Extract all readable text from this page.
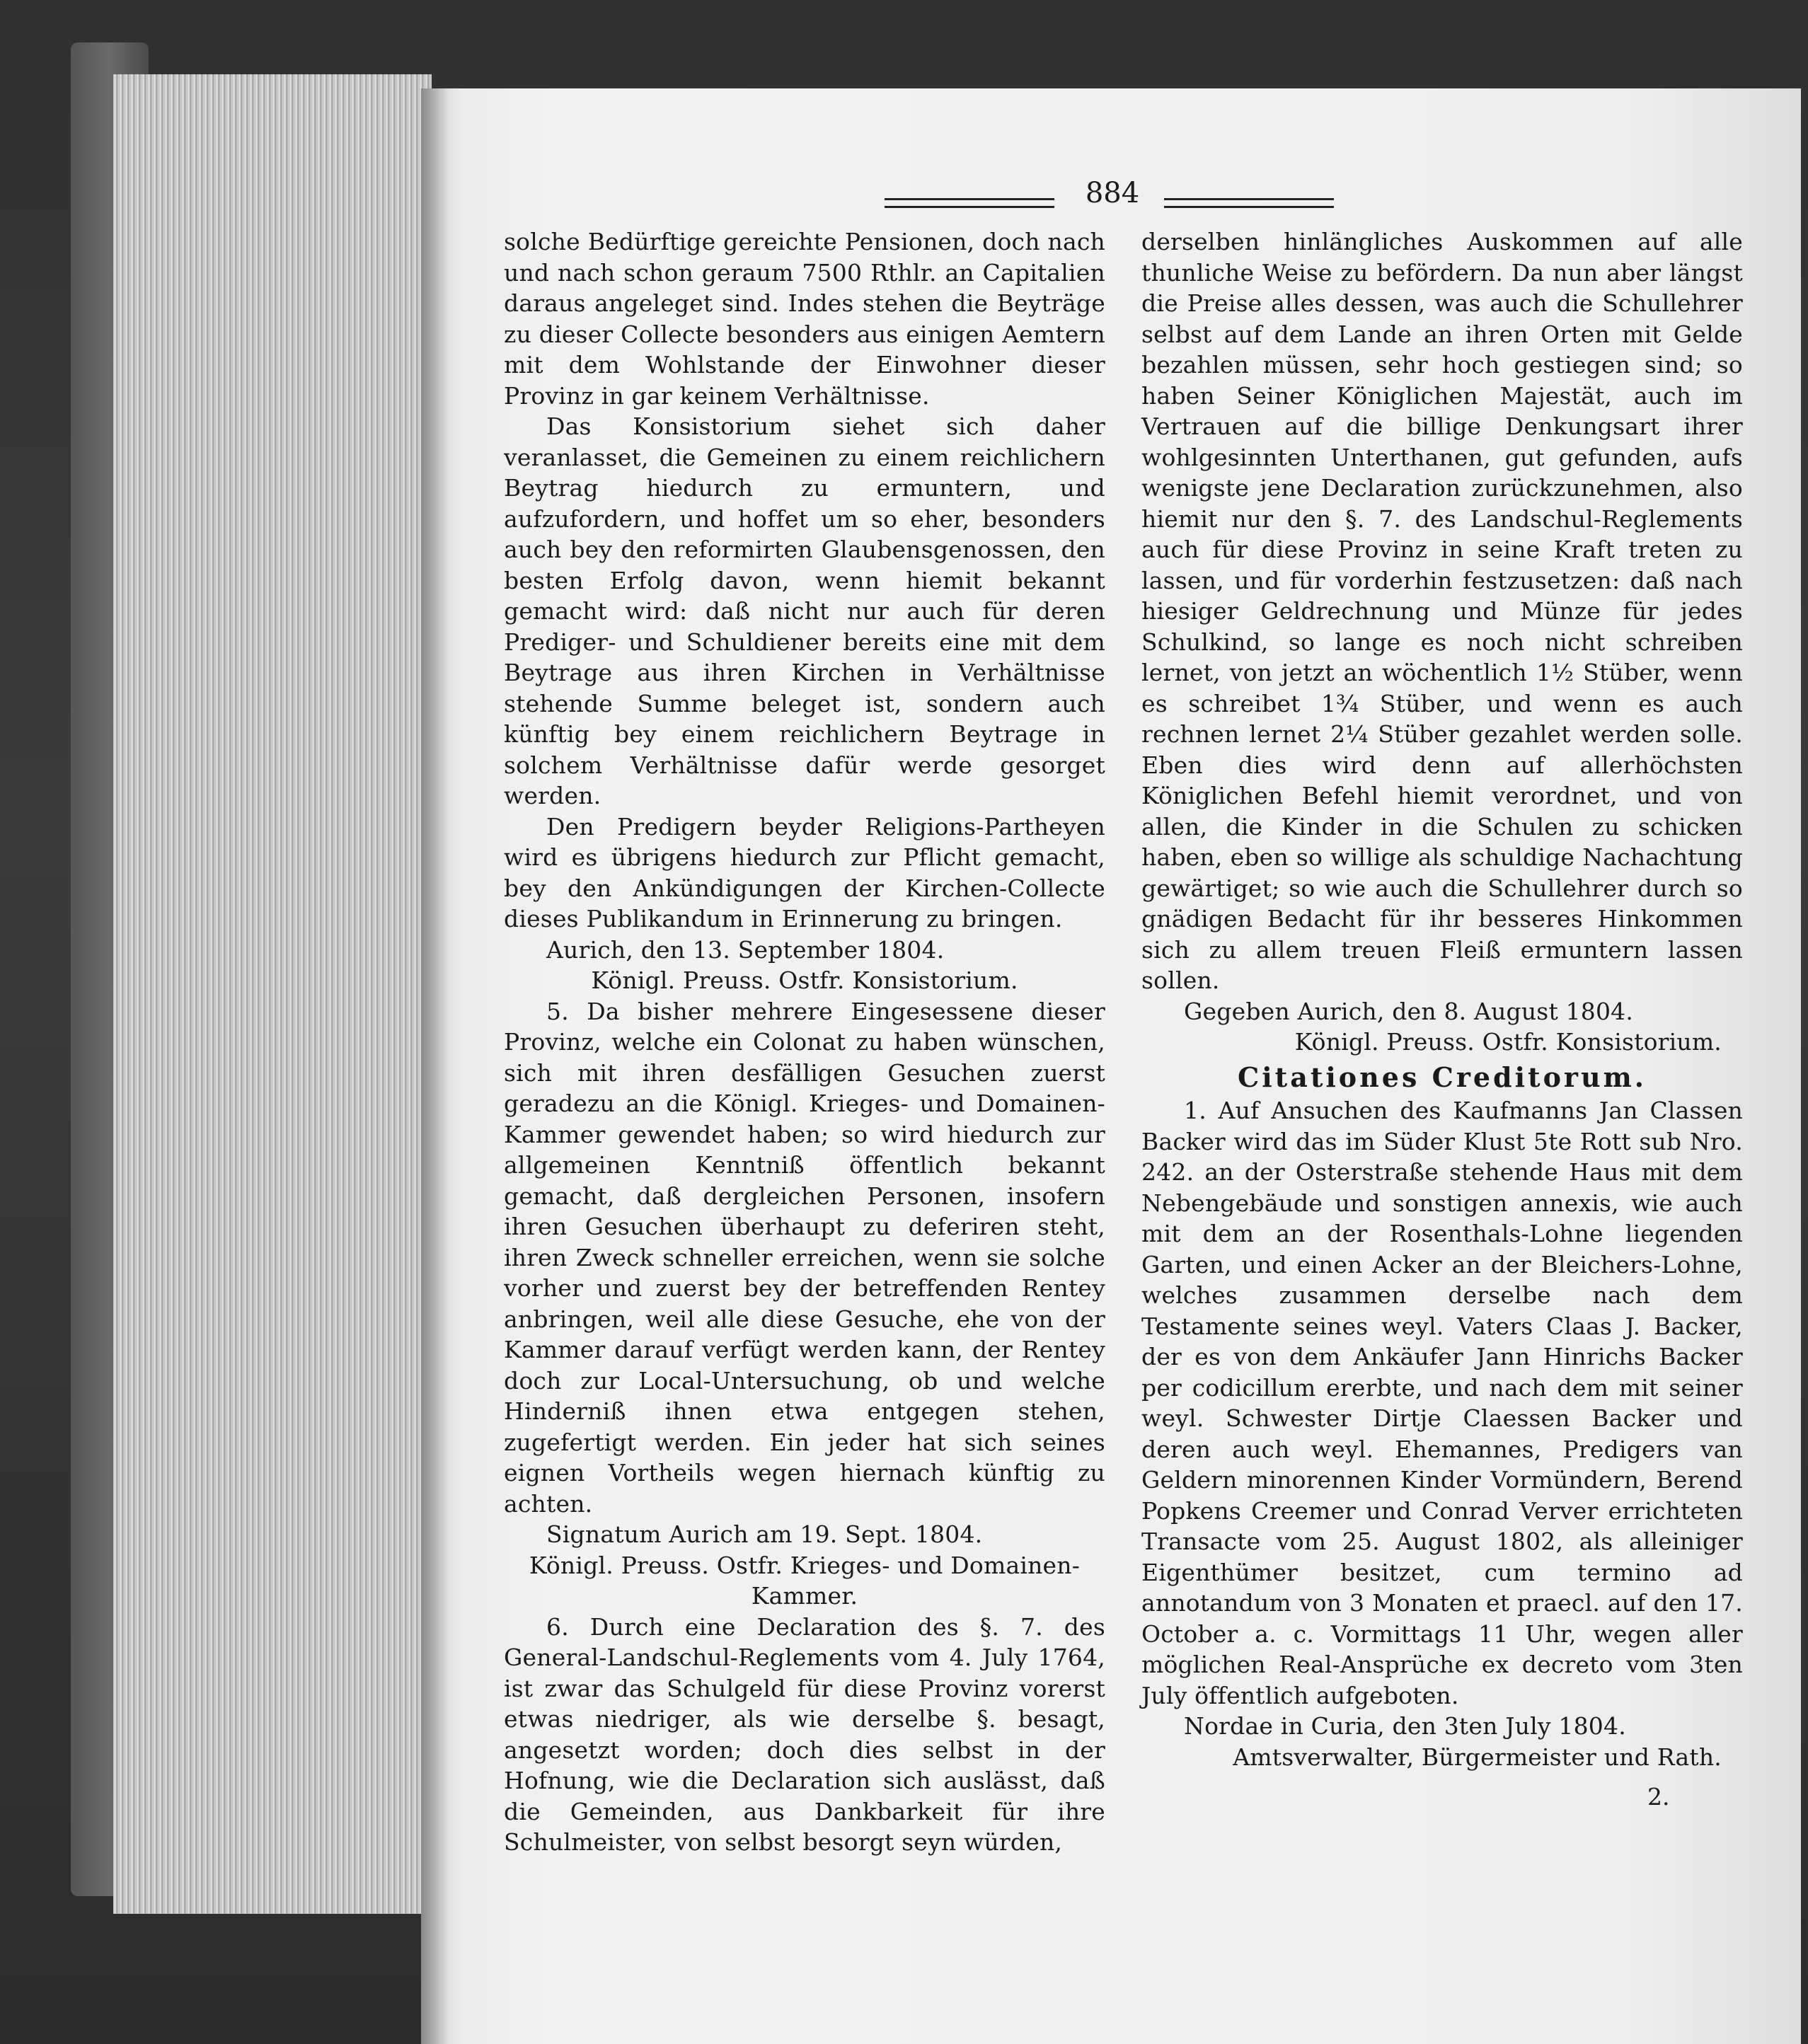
884

solche Bedürftige gereichte Pensionen, doch nach und nach schon geraum 7500 Rthlr. an Capitalien daraus angeleget sind. Indes stehen die Beyträge zu dieser Collecte besonders aus einigen Aemtern mit dem Wohlstande der Einwohner dieser Provinz in gar keinem Verhältnisse.

Das Konsistorium siehet sich daher veranlasset, die Gemeinen zu einem reichlichern Beytrag hiedurch zu ermuntern, und aufzufordern, und hoffet um so eher, besonders auch bey den reformirten Glaubensgenossen, den besten Erfolg davon, wenn hiemit bekannt gemacht wird: daß nicht nur auch für deren Prediger- und Schuldiener bereits eine mit dem Beytrage aus ihren Kirchen in Verhältnisse stehende Summe beleget ist, sondern auch künftig bey einem reichlichern Beytrage in solchem Verhältnisse dafür werde gesorget werden.

Den Predigern beyder Religions-Partheyen wird es übrigens hiedurch zur Pflicht gemacht, bey den Ankündigungen der Kirchen-Collecte dieses Publikandum in Erinnerung zu bringen.

Aurich, den 13. September 1804.

Königl. Preuss. Ostfr. Konsistorium.

5. Da bisher mehrere Eingesessene dieser Provinz, welche ein Colonat zu haben wünschen, sich mit ihren desfälligen Gesuchen zuerst geradezu an die Königl. Krieges- und Domainen-Kammer gewendet haben; so wird hiedurch zur allgemeinen Kenntniß öffentlich bekannt gemacht, daß dergleichen Personen, insofern ihren Gesuchen überhaupt zu deferiren steht, ihren Zweck schneller erreichen, wenn sie solche vorher und zuerst bey der betreffenden Rentey anbringen, weil alle diese Gesuche, ehe von der Kammer darauf verfügt werden kann, der Rentey doch zur Local-Untersuchung, ob und welche Hinderniß ihnen etwa entgegen stehen, zugefertigt werden. Ein jeder hat sich seines eignen Vortheils wegen hiernach künftig zu achten.

Signatum Aurich am 19. Sept. 1804.

Königl. Preuss. Ostfr. Krieges- und Domainen-Kammer.

6. Durch eine Declaration des §. 7. des General-Landschul-Reglements vom 4. July 1764, ist zwar das Schulgeld für diese Provinz vorerst etwas niedriger, als wie derselbe §. besagt, angesetzt worden; doch dies selbst in der Hofnung, wie die Declaration sich auslässt, daß die Gemeinden, aus Dankbarkeit für ihre Schulmeister, von selbst besorgt seyn würden,

derselben hinlängliches Auskommen auf alle thunliche Weise zu befördern. Da nun aber längst die Preise alles dessen, was auch die Schullehrer selbst auf dem Lande an ihren Orten mit Gelde bezahlen müssen, sehr hoch gestiegen sind; so haben Seiner Königlichen Majestät, auch im Vertrauen auf die billige Denkungsart ihrer wohlgesinnten Unterthanen, gut gefunden, aufs wenigste jene Declaration zurückzunehmen, also hiemit nur den §. 7. des Landschul-Reglements auch für diese Provinz in seine Kraft treten zu lassen, und für vorderhin festzusetzen: daß nach hiesiger Geldrechnung und Münze für jedes Schulkind, so lange es noch nicht schreiben lernet, von jetzt an wöchentlich 1½ Stüber, wenn es schreibet 1¾ Stüber, und wenn es auch rechnen lernet 2¼ Stüber gezahlet werden solle. Eben dies wird denn auf allerhöchsten Königlichen Befehl hiemit verordnet, und von allen, die Kinder in die Schulen zu schicken haben, eben so willige als schuldige Nachachtung gewärtiget; so wie auch die Schullehrer durch so gnädigen Bedacht für ihr besseres Hinkommen sich zu allem treuen Fleiß ermuntern lassen sollen.

Gegeben Aurich, den 8. August 1804.

Königl. Preuss. Ostfr. Konsistorium.

Citationes Creditorum.

1. Auf Ansuchen des Kaufmanns Jan Classen Backer wird das im Süder Klust 5te Rott sub Nro. 242. an der Osterstraße stehende Haus mit dem Nebengebäude und sonstigen annexis, wie auch mit dem an der Rosenthals-Lohne liegenden Garten, und einen Acker an der Bleichers-Lohne, welches zusammen derselbe nach dem Testamente seines weyl. Vaters Claas J. Backer, der es von dem Ankäufer Jann Hinrichs Backer per codicillum ererbte, und nach dem mit seiner weyl. Schwester Dirtje Claessen Backer und deren auch weyl. Ehemannes, Predigers van Geldern minorennen Kinder Vormündern, Berend Popkens Creemer und Conrad Verver errichteten Transacte vom 25. August 1802, als alleiniger Eigenthümer besitzet, cum termino ad annotandum von 3 Monaten et praecl. auf den 17. October a. c. Vormittags 11 Uhr, wegen aller möglichen Real-Ansprüche ex decreto vom 3ten July öffentlich aufgeboten.

Nordae in Curia, den 3ten July 1804.

Amtsverwalter, Bürgermeister und Rath.

2.
